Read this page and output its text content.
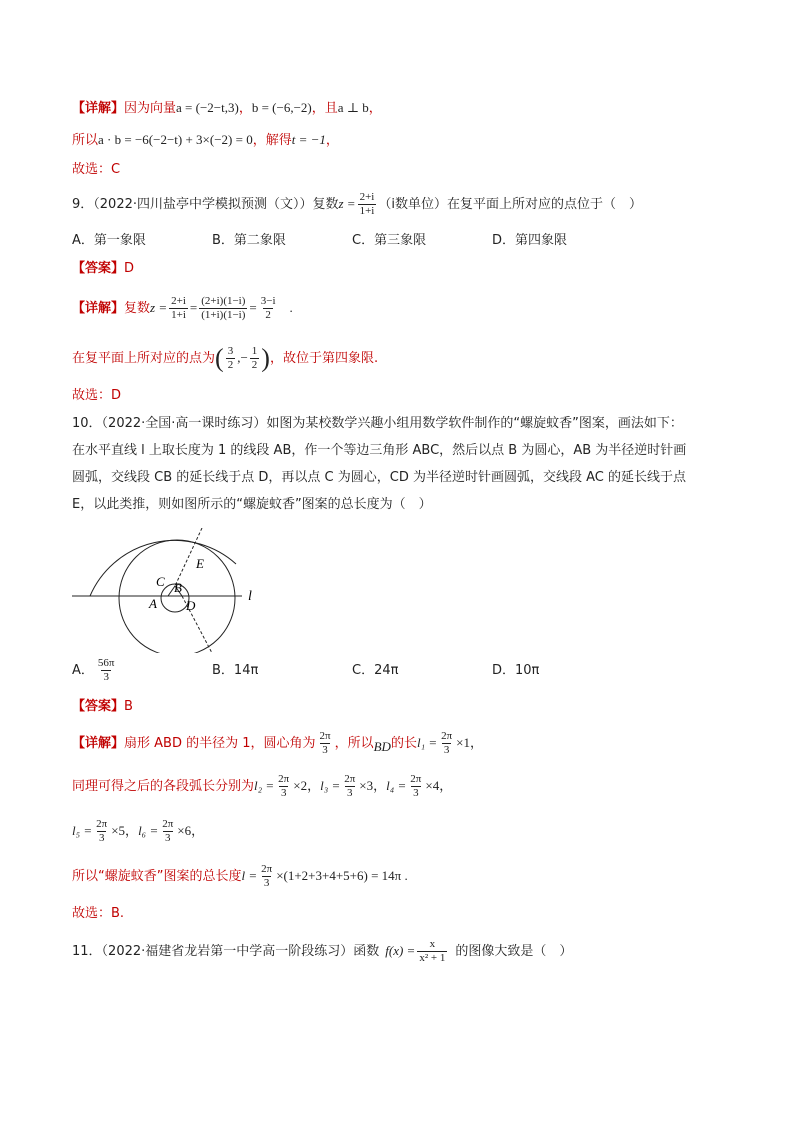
【详解】因为向量a = (−2−t,3)，b = (−6,−2)，且a ⊥ b，
所以a · b = −6(−2−t) + 3×(−2) = 0，解得t = −1，
故选：C
9．（2022·四川盐亭中学模拟预测（文））复数$z = \frac{2+i}{1+i} (i$数单位）在复平面上所对应的点位于（　）
A．第一象限	B．第二象限	C．第三象限	D．第四象限
【答案】D
【详解】复数$z = \frac{2+i}{1+i} = \frac{(2+i)(1-i)}{(1+i)(1-i)} = \frac{3-i}{2}$ .
在复平面上所对应的点为( $\frac{3}{2}$ ,− $\frac{1}{2}$ )，故位于第四象限.
故选：D
10．（2022·全国·高一课时练习）如图为某校数学兴趣小组用数学软件制作的“螺旋蚊香”图案，画法如下：
在水平直线 l 上取长度为 1 的线段 AB，作一个等边三角形 ABC，然后以点 B 为圆心，AB 为半径逆时针画
圆弧，交线段 CB 的延长线于点 D，再以点 C 为圆心，CD 为半径逆时针画圆弧，交线段 AC 的延长线于点
E，以此类推，则如图所示的“螺旋蚊香”图案的总长度为（　）
l
A
B
C
D
E
A． $\frac{56\pi}{3}$	B．14π	C．24π	D．10π
【答案】B
【详解】扇形 ABD 的半径为 1，圆心角为 $\frac{2\pi}{3}$ ，所以BD的长$l_1 = \frac{2\pi}{3} \times 1$，
同理可得之后的各段弧长分别为$l_2 = \frac{2\pi}{3} \times 2$，$l_3 = \frac{2\pi}{3} \times 3$，$l_4 = \frac{2\pi}{3} \times 4$，
$l_5 = \frac{2\pi}{3} \times 5$，$l_6 = \frac{2\pi}{3} \times 6$，
所以“螺旋蚊香”图案的总长度$l = \frac{2\pi}{3} \times(1+2+3+4+5+6) = 14\pi$ .
故选：B.
11．（2022·福建省龙岩第一中学高一阶段练习）函数 $f(x) = \frac{x}{\text{x² + 1}}$ 的图像大致是（　）
